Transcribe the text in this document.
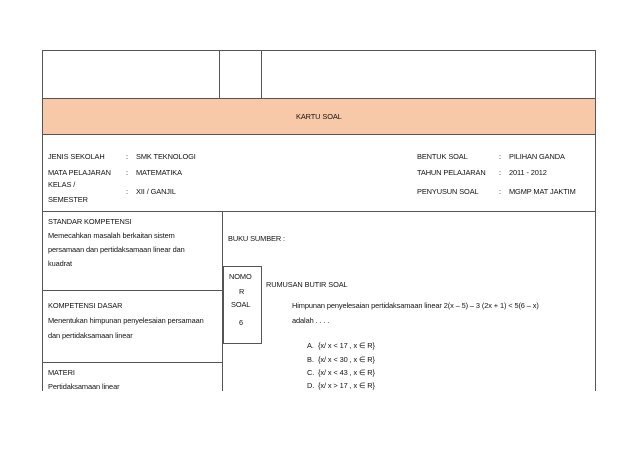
KARTU SOAL
JENIS SEKOLAH	: SMK TEKNOLOGI
MATA PELAJARAN : MATEMATIKA
KELAS /
SEMESTER
: XII / GANJIL
BENTUK SOAL	: PILIHAN GANDA
TAHUN PELAJARAN : 2011 - 2012
PENYUSUN SOAL	: MGMP MAT JAKTIM
STANDAR KOMPETENSI
Memecahkan masalah berkaitan sistem
persamaan dan pertidaksamaan linear dan
kuadrat
BUKU SUMBER :
NOMO
R
SOAL
6
RUMUSAN BUTIR SOAL
KOMPETENSI DASAR
Menentukan himpunan penyelesaian persamaan
dan pertidaksamaan linear
Himpunan penyelesaian pertidaksamaan linear 2(x – 5) – 3 (2x + 1) < 5(6 – x)
adalah . . . .
A. {x/ x < 17 , x ∈ R}
B. {x/ x < 30 , x ∈ R}
C. {x/ x < 43 , x ∈ R}
D. {x/ x > 17 , x ∈ R}
MATERI
Pertidaksamaan linear
